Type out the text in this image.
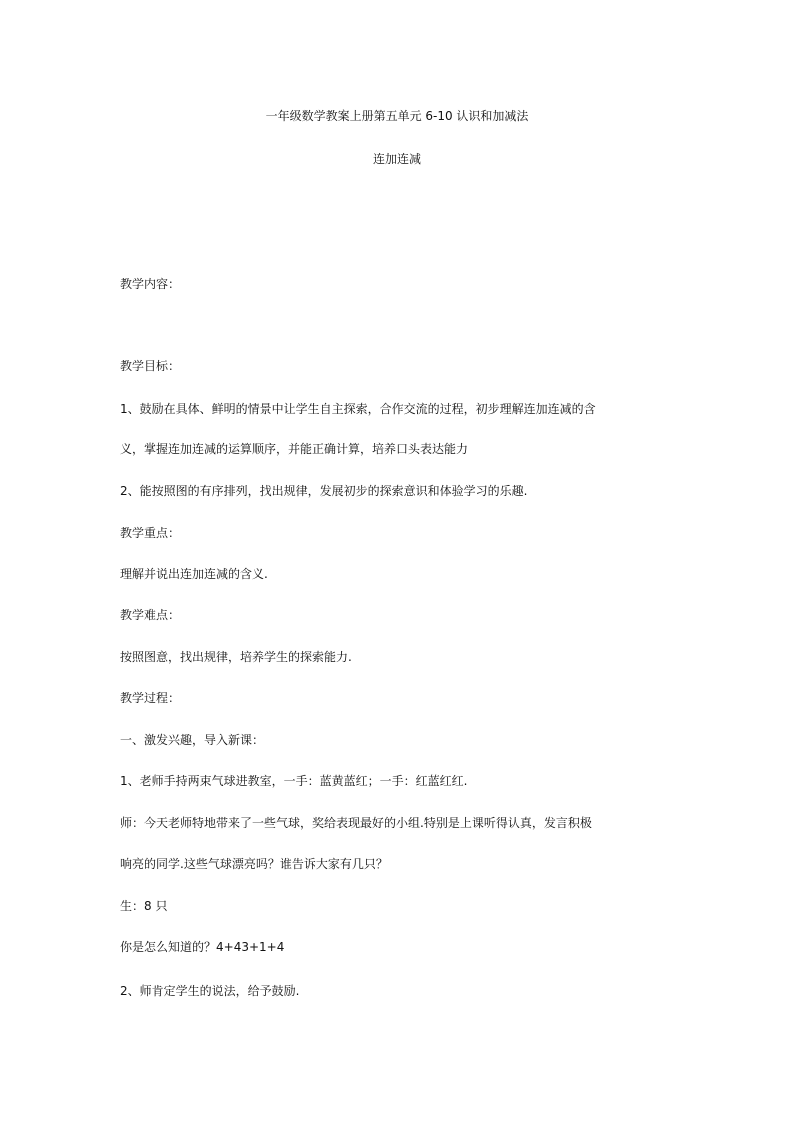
一年级数学教案上册第五单元 6-10 认识和加减法
连加连减
教学内容：
教学目标：
1、鼓励在具体、鲜明的情景中让学生自主探索，合作交流的过程，初步理解连加连减的含
义，掌握连加连减的运算顺序，并能正确计算，培养口头表达能力
2、能按照图的有序排列，找出规律，发展初步的探索意识和体验学习的乐趣.
教学重点：
理解并说出连加连减的含义.
教学难点：
按照图意，找出规律，培养学生的探索能力.
教学过程：
一、激发兴趣，导入新课：
1、老师手持两束气球进教室，一手：蓝黄蓝红；一手：红蓝红红.
师：今天老师特地带来了一些气球，奖给表现最好的小组.特别是上课听得认真，发言积极
响亮的同学.这些气球漂亮吗？谁告诉大家有几只？
生：8 只
你是怎么知道的？4+43+1+4
2、师肯定学生的说法，给予鼓励.
